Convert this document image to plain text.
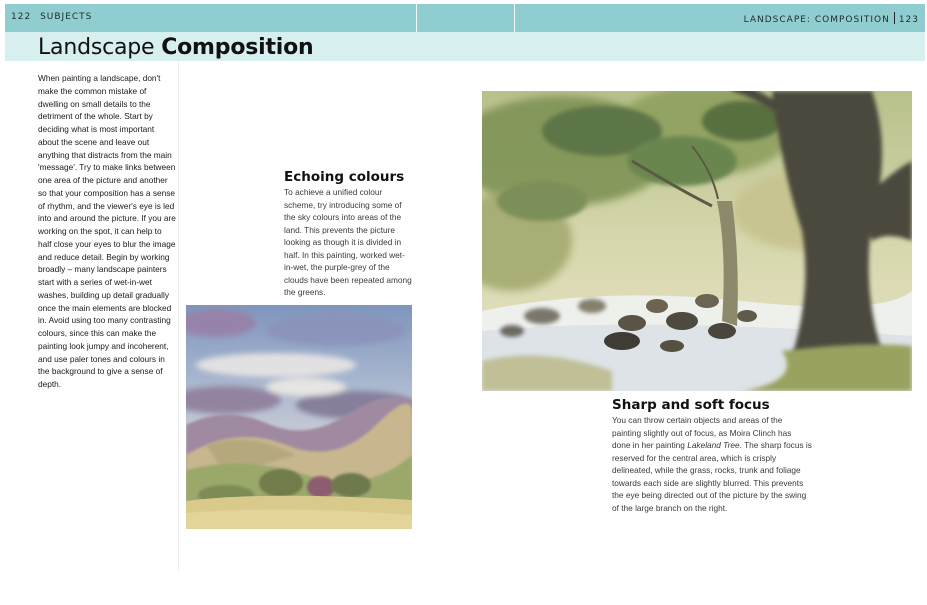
122 SUBJECTS	LANDSCAPE: COMPOSITION 123
Landscape Composition
When painting a landscape, don't make the common mistake of dwelling on small details to the detriment of the whole. Start by deciding what is most important about the scene and leave out anything that distracts from the main 'message'. Try to make links between one area of the picture and another so that your composition has a sense of rhythm, and the viewer's eye is led into and around the picture. If you are working on the spot, it can help to half close your eyes to blur the image and reduce detail. Begin by working broadly – many landscape painters start with a series of wet-in-wet washes, building up detail gradually once the main elements are blocked in. Avoid using too many contrasting colours, since this can make the painting look jumpy and incoherent, and use paler tones and colours in the background to give a sense of depth.
Echoing colours
To achieve a unified colour scheme, try introducing some of the sky colours into areas of the land. This prevents the picture looking as though it is divided in half. In this painting, worked wet-in-wet, the purple-grey of the clouds have been repeated among the greens.
Sharp and soft focus
You can throw certain objects and areas of the painting slightly out of focus, as Moira Clinch has done in her painting Lakeland Tree. The sharp focus is reserved for the central area, which is crisply delineated, while the grass, rocks, trunk and foliage towards each side are slightly blurred. This prevents the eye being directed out of the picture by the swing of the large branch on the right.
